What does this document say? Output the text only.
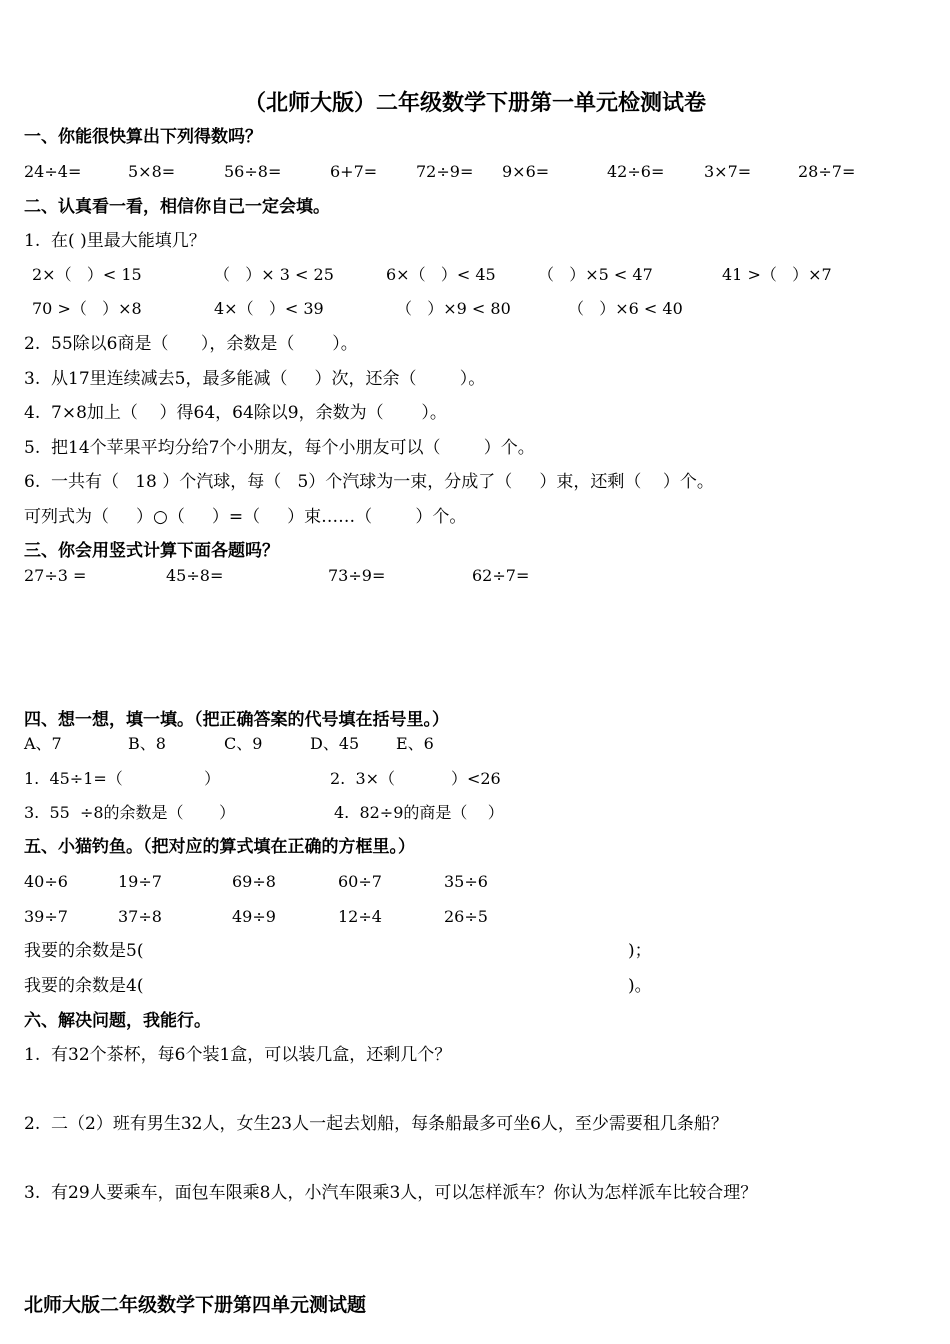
（北师大版）二年级数学下册第一单元检测试卷
一、你能很快算出下列得数吗？
24÷4=	5×8=	56÷8=	6+7= 72÷9= 9×6=	42÷6= 3×7=	28÷7=
二、认真看一看，相信你自己一定会填。
1.  在( )里最大能填几？
2×（   ）< 15	（   ）× 3 < 25	6×（   ）< 45	（   ）×5 < 47	41 >（   ）×7
70 >（   ）×8	4×（   ）< 39	（   ）×9 < 80	（   ）×6 < 40
2.  55除以6商是（      ），余数是（       ）。
3.  从17里连续减去5，最多能减（     ）次，还余（        ）。
4.  7×8加上（    ）得64，64除以9，余数为（       ）。
5.  把14个苹果平均分给7个小朋友，每个小朋友可以（        ）个。
6.  一共有（   18 ）个汽球，每（   5）个汽球为一束，分成了（     ）束，还剩（    ）个。
可列式为（     ）○（     ）=（     ）束……（        ）个。
三、你会用竖式计算下面各题吗？
27÷3 =	45÷8=	73÷9=	62÷7=
四、想一想，填一填。（把正确答案的代号填在括号里。）
A、7	B、8	C、9	D、45 E、6
1.  45÷1=（                ）	2.  3×（           ）<26
3.  55  ÷8的余数是（       ）	4.  82÷9的商是（    ）
五、小猫钓鱼。（把对应的算式填在正确的方框里。）
40÷6	19÷7	69÷8	60÷7	35÷6
39÷7	37÷8	49÷9	12÷4	26÷5
我要的余数是5(	)；
我要的余数是4(	)。
六、解决问题，我能行。
1.  有32个茶杯，每6个装1盒，可以装几盒，还剩几个？
2.  二（2）班有男生32人，女生23人一起去划船，每条船最多可坐6人，至少需要租几条船？
3.  有29人要乘车，面包车限乘8人，小汽车限乘3人，可以怎样派车？你认为怎样派车比较合理？
北师大版二年级数学下册第四单元测试题
